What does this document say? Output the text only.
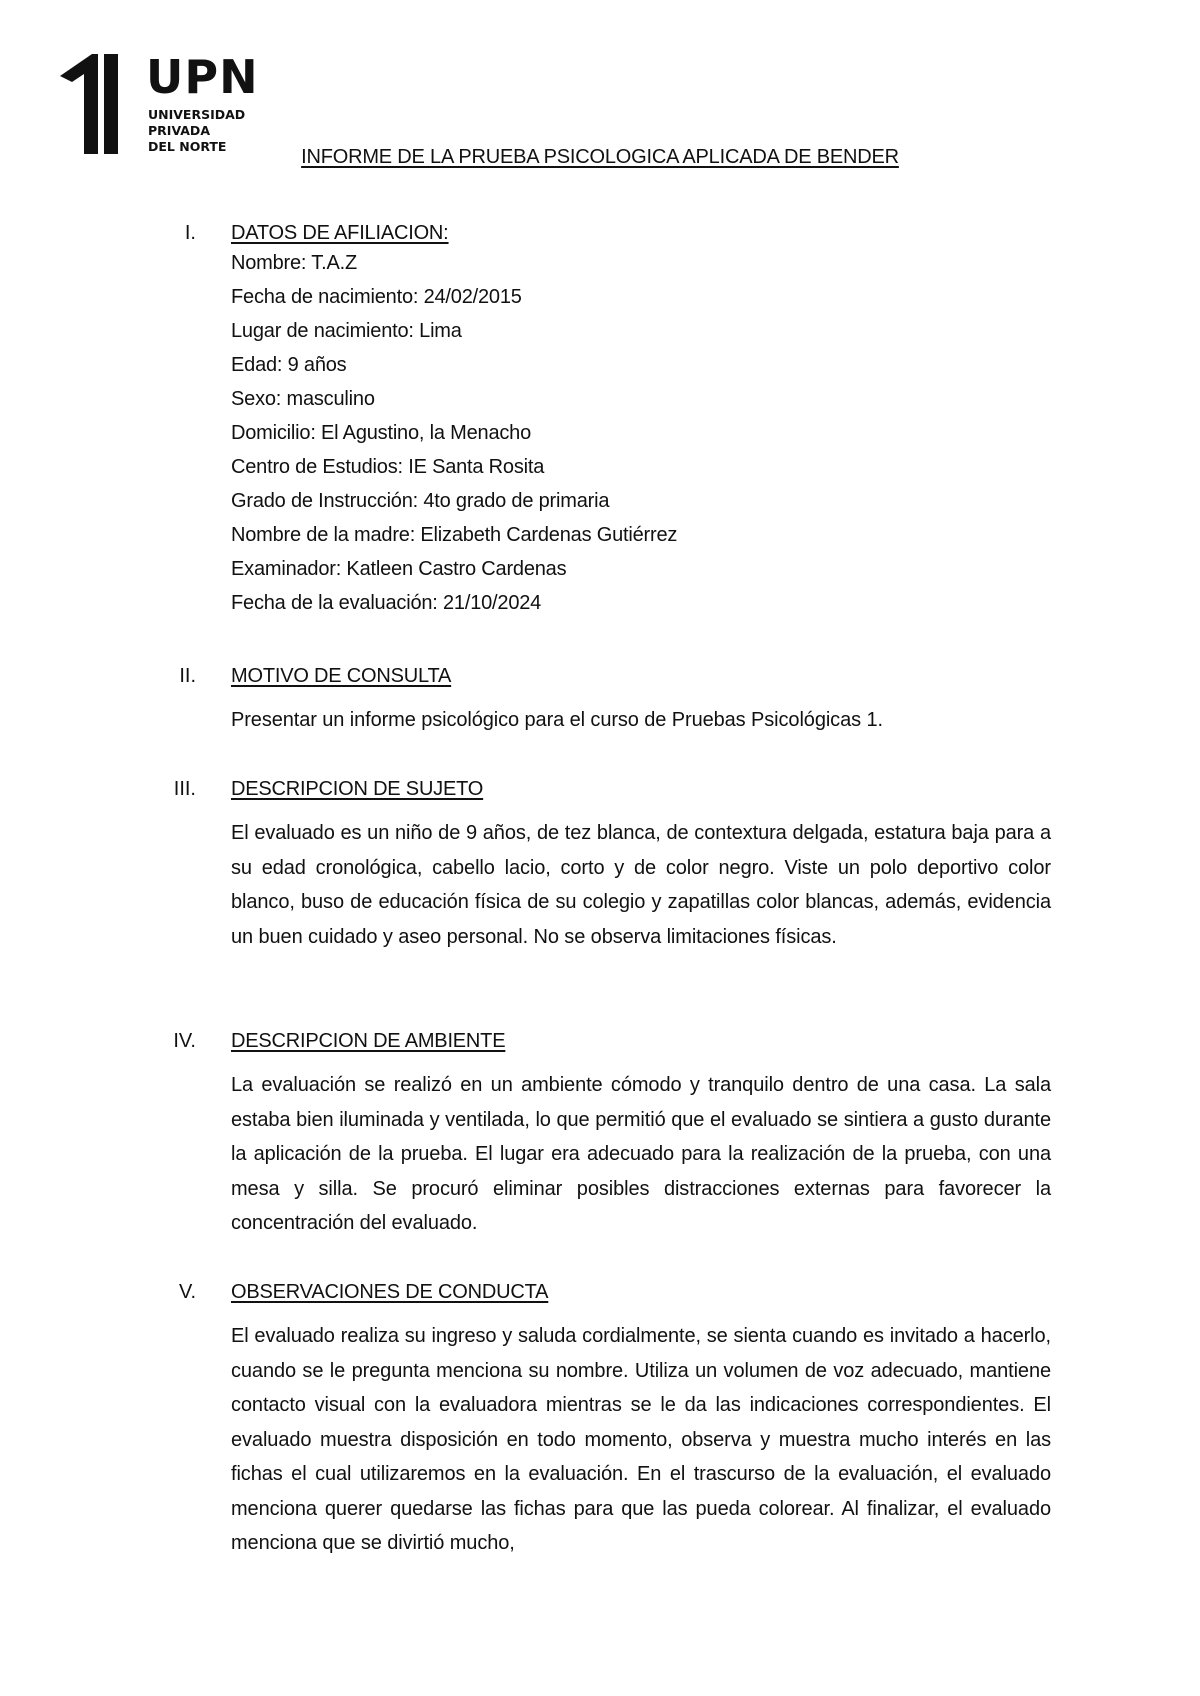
UPN
UNIVERSIDAD
PRIVADA
DEL NORTE	INFORME DE LA PRUEBA PSICOLOGICA APLICADA DE BENDER
I. DATOS DE AFILIACION:
Nombre: T.A.Z
Fecha de nacimiento: 24/02/2015
Lugar de nacimiento: Lima
Edad: 9 años
Sexo: masculino
Domicilio: El Agustino, la Menacho
Centro de Estudios: IE Santa Rosita
Grado de Instrucción: 4to grado de primaria
Nombre de la madre: Elizabeth Cardenas Gutiérrez
Examinador: Katleen Castro Cardenas
Fecha de la evaluación: 21/10/2024
II. MOTIVO DE CONSULTA

Presentar un informe psicológico para el curso de Pruebas Psicológicas 1.

III. DESCRIPCION DE SUJETO

El evaluado es un niño de 9 años, de tez blanca, de contextura delgada, estatura baja para a su edad cronológica, cabello lacio, corto y de color negro. Viste un polo deportivo color blanco, buso de educación física de su colegio y zapatillas color blancas, además, evidencia un buen cuidado y aseo personal. No se observa limitaciones físicas.

IV. DESCRIPCION DE AMBIENTE

La evaluación se realizó en un ambiente cómodo y tranquilo dentro de una casa. La sala estaba bien iluminada y ventilada, lo que permitió que el evaluado se sintiera a gusto durante la aplicación de la prueba. El lugar era adecuado para la realización de la prueba, con una mesa y silla. Se procuró eliminar posibles distracciones externas para favorecer la concentración del evaluado.

V. OBSERVACIONES DE CONDUCTA

El evaluado realiza su ingreso y saluda cordialmente, se sienta cuando es invitado a hacerlo, cuando se le pregunta menciona su nombre. Utiliza un volumen de voz adecuado, mantiene contacto visual con la evaluadora mientras se le da las indicaciones correspondientes. El evaluado muestra disposición en todo momento, observa y muestra mucho interés en las fichas el cual utilizaremos en la evaluación. En el trascurso de la evaluación, el evaluado menciona querer quedarse las fichas para que las pueda colorear. Al finalizar, el evaluado menciona que se divirtió mucho,
